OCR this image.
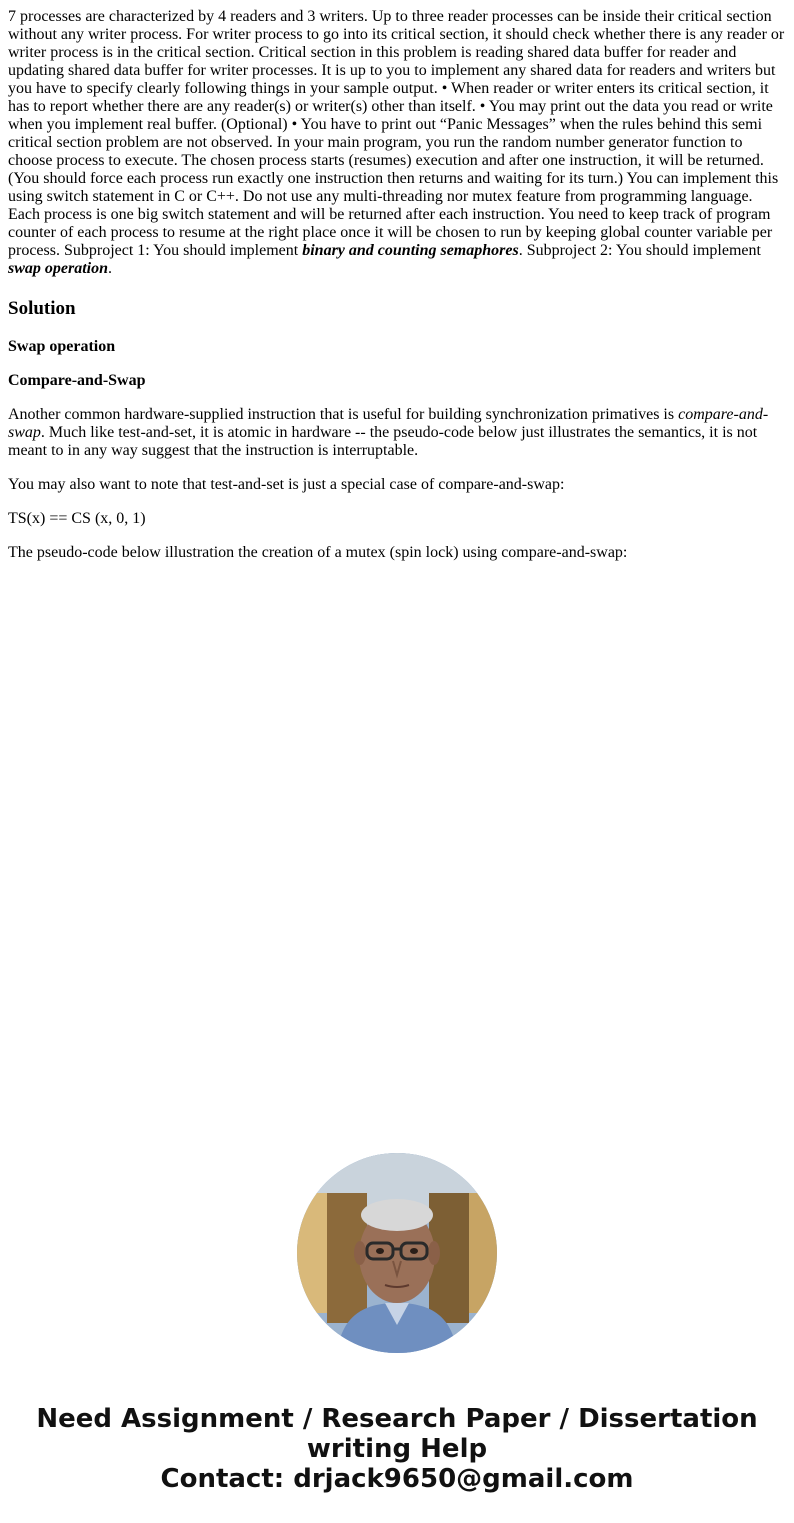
7 processes are characterized by 4 readers and 3 writers. Up to three reader processes can be inside their critical section without any writer process. For writer process to go into its critical section, it should check whether there is any reader or writer process is in the critical section. Critical section in this problem is reading shared data buffer for reader and updating shared data buffer for writer processes. It is up to you to implement any shared data for readers and writers but you have to specify clearly following things in your sample output. • When reader or writer enters its critical section, it has to report whether there are any reader(s) or writer(s) other than itself. • You may print out the data you read or write when you implement real buffer. (Optional) • You have to print out “Panic Messages” when the rules behind this semi critical section problem are not observed. In your main program, you run the random number generator function to choose process to execute. The chosen process starts (resumes) execution and after one instruction, it will be returned. (You should force each process run exactly one instruction then returns and waiting for its turn.) You can implement this using switch statement in C or C++. Do not use any multi-threading nor mutex feature from programming language. Each process is one big switch statement and will be returned after each instruction. You need to keep track of program counter of each process to resume at the right place once it will be chosen to run by keeping global counter variable per process. Subproject 1: You should implement binary and counting semaphores. Subproject 2: You should implement swap operation.

Solution
Swap operation
Compare-and-Swap

Another common hardware-supplied instruction that is useful for building synchronization primatives is compare-and-swap. Much like test-and-set, it is atomic in hardware -- the pseudo-code below just illustrates the semantics, it is not meant to in any way suggest that the instruction is interruptable.

You may also want to note that test-and-set is just a special case of compare-and-swap:

TS(x) == CS (x, 0, 1)

The pseudo-code below illustration the creation of a mutex (spin lock) using compare-and-swap:

Need Assignment / Research Paper / Dissertation
writing Help
Contact: drjack9650@gmail.com
